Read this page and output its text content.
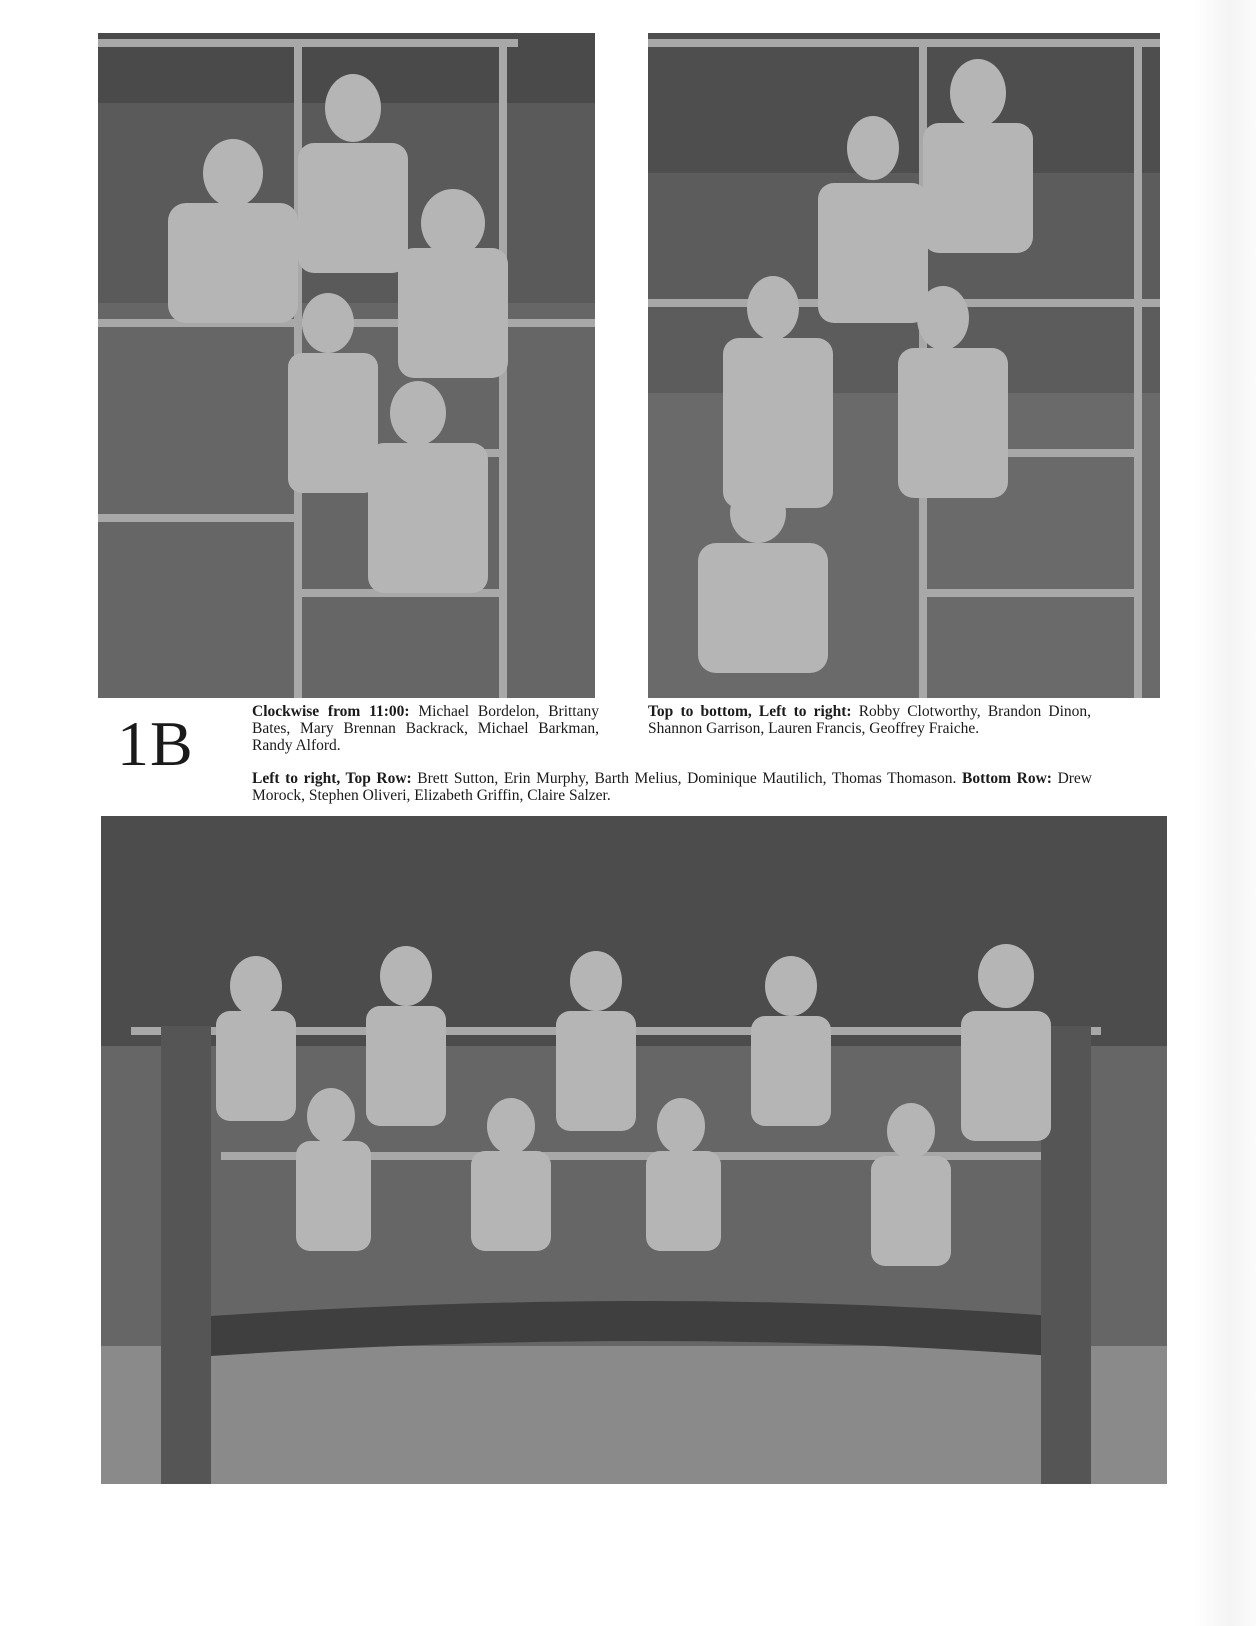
1B	Clockwise from 11:00: Michael Bordelon, Brittany Bates, Mary Brennan Backrack, Michael Barkman, Randy Alford.
Top to bottom, Left to right: Robby Clotworthy, Brandon Dinon, Shannon Garrison, Lauren Francis, Geoffrey Fraiche.
Left to right, Top Row: Brett Sutton, Erin Murphy, Barth Melius, Dominique Mautilich, Thomas Thomason. Bottom Row: Drew Morock, Stephen Oliveri, Elizabeth Griffin, Claire Salzer.
